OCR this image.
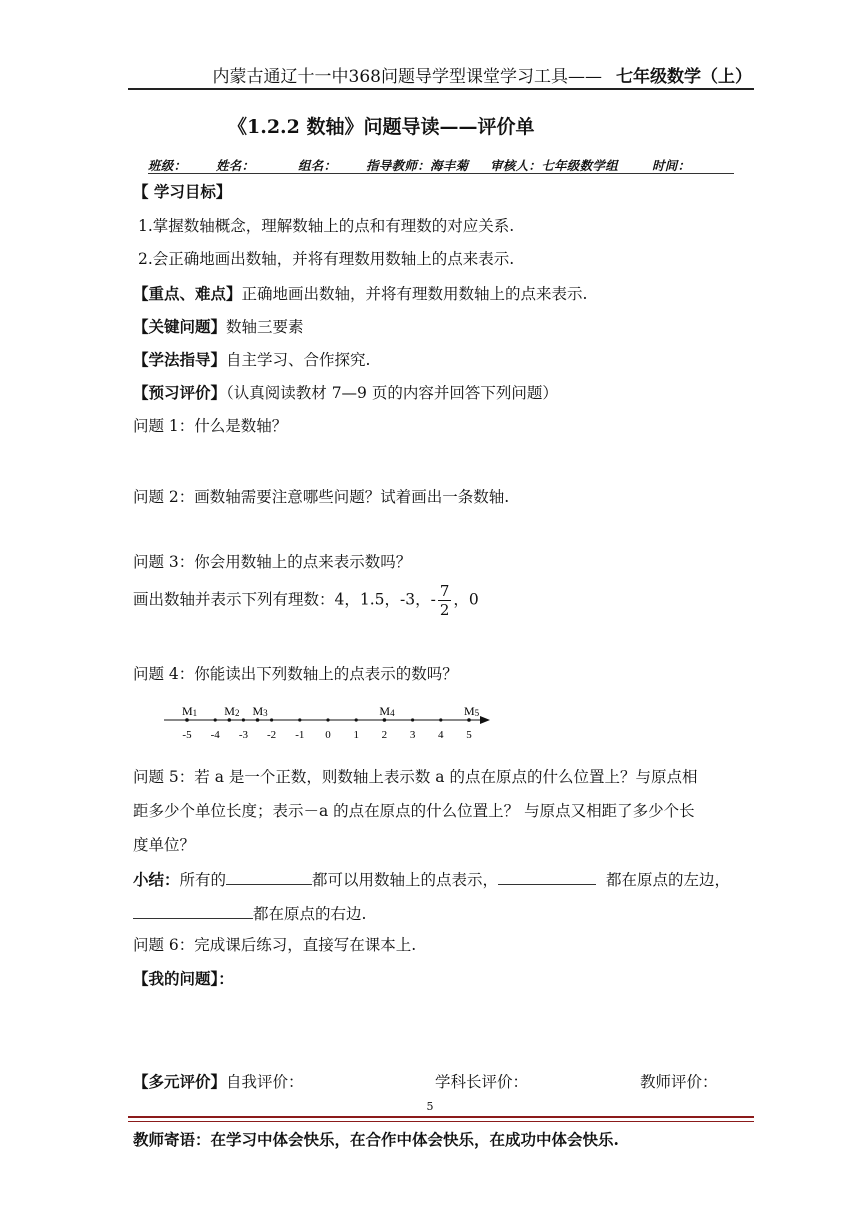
内蒙古通辽十一中368问题导学型课堂学习工具—— 七年级数学（上）
《1.2.2 数轴》问题导读——评价单
班级： 姓名：	组名： 指导教师：海丰菊 审核人：七年级数学组	时间：
【 学习目标】
1.掌握数轴概念，理解数轴上的点和有理数的对应关系.
2.会正确地画出数轴，并将有理数用数轴上的点来表示.
【重点、难点】正确地画出数轴，并将有理数用数轴上的点来表示.
【关键问题】数轴三要素
【学法指导】自主学习、合作探究.
【预习评价】（认真阅读教材 7—9 页的内容并回答下列问题）
问题 1：什么是数轴？
问题 2：画数轴需要注意哪些问题？试着画出一条数轴.
问题 3：你会用数轴上的点来表示数吗？
画出数轴并表示下列有理数：4，1.5，-3，- $\frac{7}{2}$ ，0
问题 4：你能读出下列数轴上的点表示的数吗？
-5 -4 -3 -2 -1 0 1 2 3 4 5
M1 M2 M3	M4	M5
问题 5：若 a 是一个正数，则数轴上表示数 a 的点在原点的什么位置上？与原点相
距多少个单位长度；表示－a 的点在原点的什么位置上？ 与原点又相距了多少个长
度单位？
小结：所有的	都可以用数轴上的点表示，	都在原点的左边，
都在原点的右边.
问题 6：完成课后练习，直接写在课本上.
【我的问题】：
【多元评价】自我评价：	学科长评价：	教师评价：
5
教师寄语：在学习中体会快乐，在合作中体会快乐，在成功中体会快乐.
